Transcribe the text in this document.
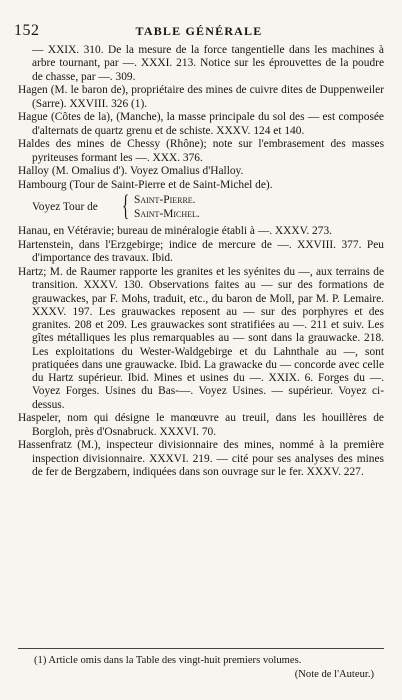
152	TABLE GÉNÉRALE

— XXIX. 310. De la mesure de la force tangentielle dans les machines à arbre tournant, par —. XXXI. 213. Notice sur les éprouvettes de la poudre de chasse, par —. 309.

Hagen (M. le baron de), propriétaire des mines de cuivre dites de Duppenweiler (Sarre). XXVIII. 326 (1).

Hague (Côtes de la), (Manche), la masse principale du sol des — est composée d'alternats de quartz grenu et de schiste. XXXV. 124 et 140.

Haldes des mines de Chessy (Rhône); note sur l'embrasement des masses pyriteuses formant les —. XXX. 376.

Halloy (M. Omalius d'). Voyez Omalius d'Halloy.

Hambourg (Tour de Saint-Pierre et de Saint-Michel de).

Voyez Tour de { Saint-Pierre.
Saint-Michel.

Hanau, en Vétéravie; bureau de minéralogie établi à —. XXXV. 273.

Hartenstein, dans l'Erzgebirge; indice de mercure de —. XXVIII. 377. Peu d'importance des travaux. Ibid.

Hartz; M. de Raumer rapporte les granites et les syénites du —, aux terrains de transition. XXXV. 130. Observations faites au — sur des formations de grauwackes, par F. Mohs, traduit, etc., du baron de Moll, par M. P. Lemaire. XXXV. 197. Les grauwackes reposent au — sur des porphyres et des granites. 208 et 209. Les grauwackes sont stratifiées au —. 211 et suiv. Les gîtes métalliques les plus remarquables au — sont dans la grauwacke. 218. Les exploitations du Wester-Waldgebirge et du Lahnthale au —, sont pratiquées dans une grauwacke. Ibid. La grawacke du — concorde avec celle du Hartz supérieur. Ibid. Mines et usines du —. XXIX. 6. Forges du —. Voyez Forges. Usines du Bas-—. Voyez Usines. — supérieur. Voyez ci-dessus.

Haspeler, nom qui désigne le manœuvre au treuil, dans les houillères de Borgloh, près d'Osnabruck. XXXVI. 70.

Hassenfratz (M.), inspecteur divisionnaire des mines, nommé à la première inspection divisionnaire. XXXVI. 219. — cité pour ses analyses des mines de fer de Bergzabern, indiquées dans son ouvrage sur le fer. XXXV. 227.

(1) Article omis dans la Table des vingt-huit premiers volumes.
(Note de l'Auteur.)
